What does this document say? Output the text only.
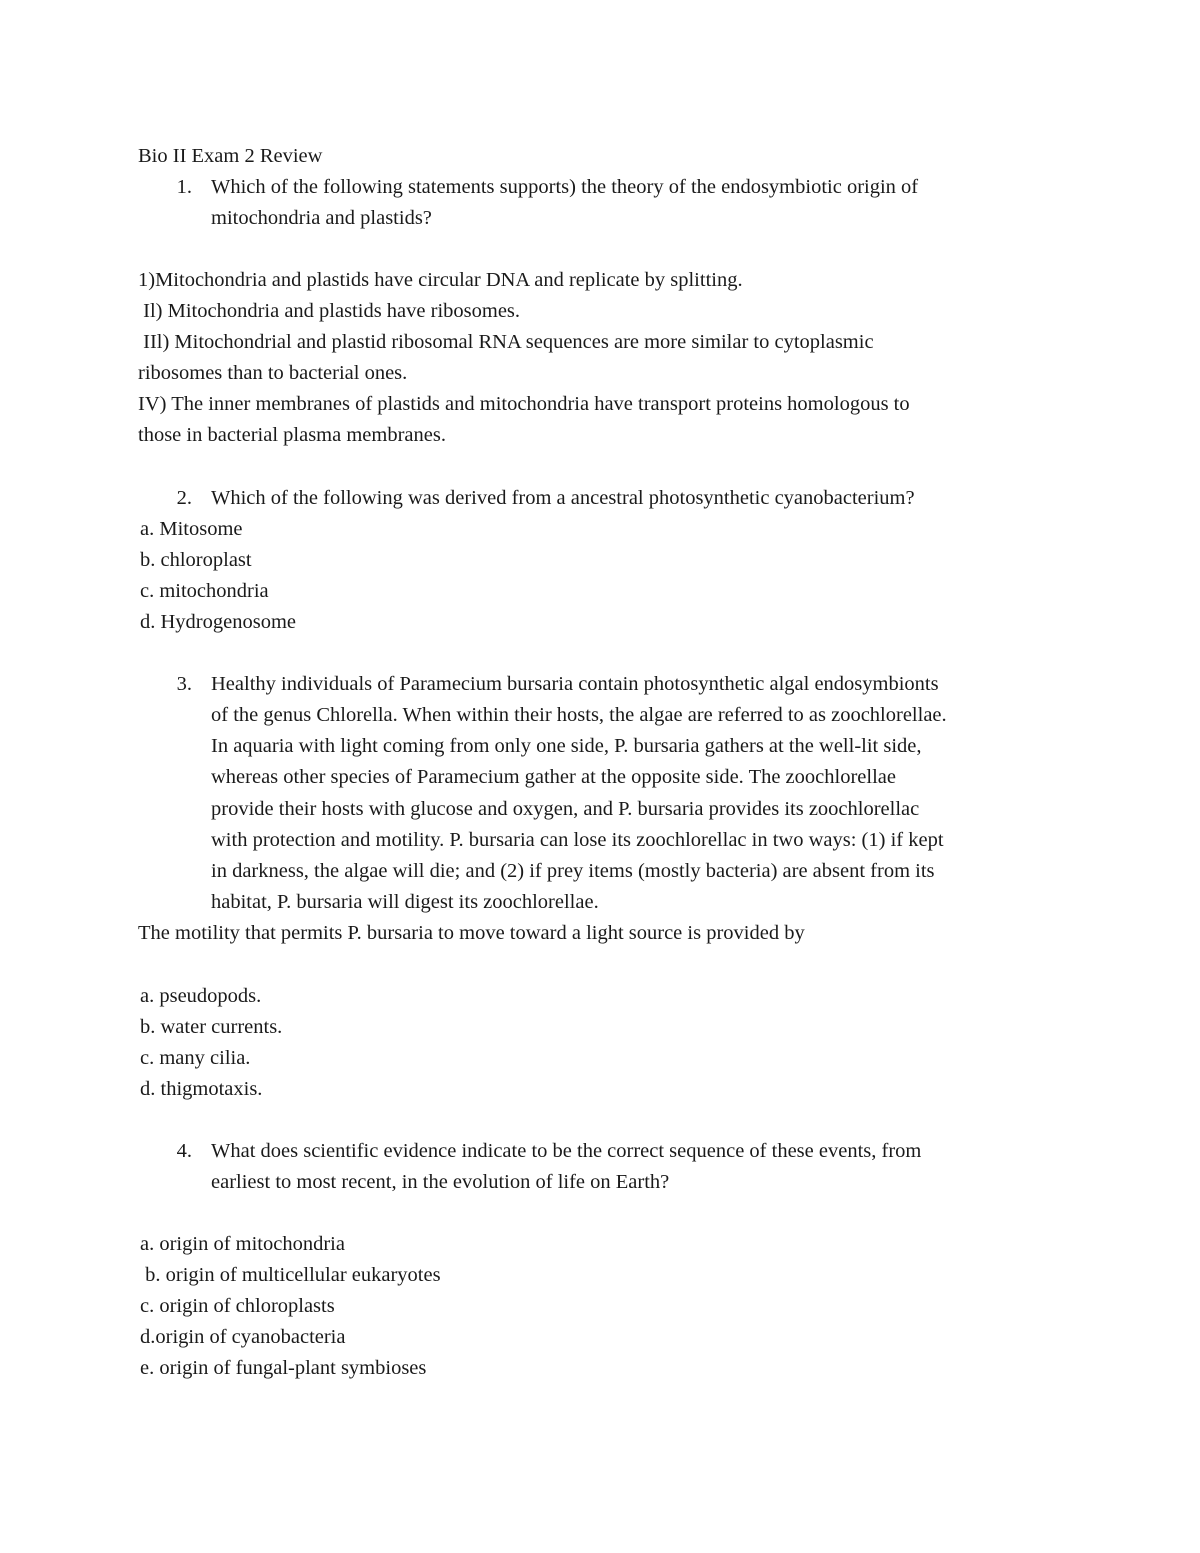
Bio II Exam 2 Review
1. Which of the following statements supports) the theory of the endosymbiotic origin of
mitochondria and plastids?
1)Mitochondria and plastids have circular DNA and replicate by splitting.
Il) Mitochondria and plastids have ribosomes.
IIl) Mitochondrial and plastid ribosomal RNA sequences are more similar to cytoplasmic
ribosomes than to bacterial ones.
IV) The inner membranes of plastids and mitochondria have transport proteins homologous to
those in bacterial plasma membranes.
2. Which of the following was derived from a ancestral photosynthetic cyanobacterium?
a. Mitosome
b. chloroplast
c. mitochondria
d. Hydrogenosome
3. Healthy individuals of Paramecium bursaria contain photosynthetic algal endosymbionts
of the genus Chlorella. When within their hosts, the algae are referred to as zoochlorellae.
In aquaria with light coming from only one side, P. bursaria gathers at the well-lit side,
whereas other species of Paramecium gather at the opposite side. The zoochlorellae
provide their hosts with glucose and oxygen, and P. bursaria provides its zoochlorellac
with protection and motility. P. bursaria can lose its zoochlorellac in two ways: (1) if kept
in darkness, the algae will die; and (2) if prey items (mostly bacteria) are absent from its
habitat, P. bursaria will digest its zoochlorellae.
The motility that permits P. bursaria to move toward a light source is provided by
a. pseudopods.
b. water currents.
c. many cilia.
d. thigmotaxis.
4. What does scientific evidence indicate to be the correct sequence of these events, from
earliest to most recent, in the evolution of life on Earth?
a. origin of mitochondria
b. origin of multicellular eukaryotes
c. origin of chloroplasts
d.origin of cyanobacteria
e. origin of fungal-plant symbioses
